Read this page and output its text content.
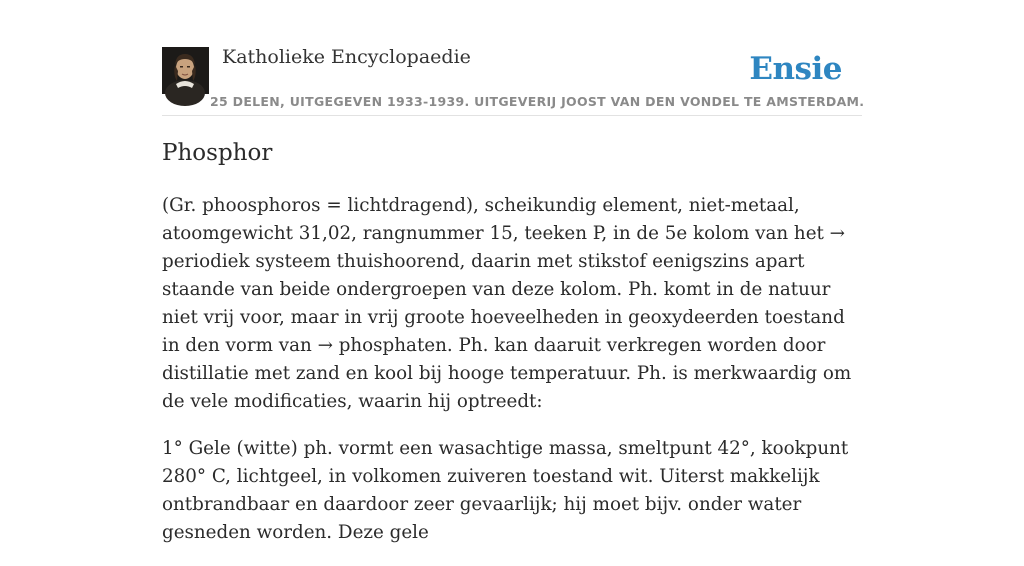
Katholieke Encyclopaedie	Ensie
25 DELEN, UITGEGEVEN 1933-1939. UITGEVERIJ JOOST VAN DEN VONDEL TE AMSTERDAM.
Phosphor

(Gr. phoosphoros = lichtdragend), scheikundig element, niet-metaal, atoomgewicht 31,02, rangnummer 15, teeken P, in de 5e kolom van het → periodiek systeem thuishoorend, daarin met stikstof eenigszins apart staande van beide ondergroepen van deze kolom. Ph. komt in de natuur niet vrij voor, maar in vrij groote hoeveelheden in geoxydeerden toestand in den vorm van → phosphaten. Ph. kan daaruit verkregen worden door distillatie met zand en kool bij hooge temperatuur. Ph. is merkwaardig om de vele modificaties, waarin hij optreedt:

1° Gele (witte) ph. vormt een wasachtige massa, smeltpunt 42°, kookpunt 280° C, lichtgeel, in volkomen zuiveren toestand wit. Uiterst makkelijk ontbrandbaar en daardoor zeer gevaarlijk; hij moet bijv. onder water gesneden worden. Deze gele
